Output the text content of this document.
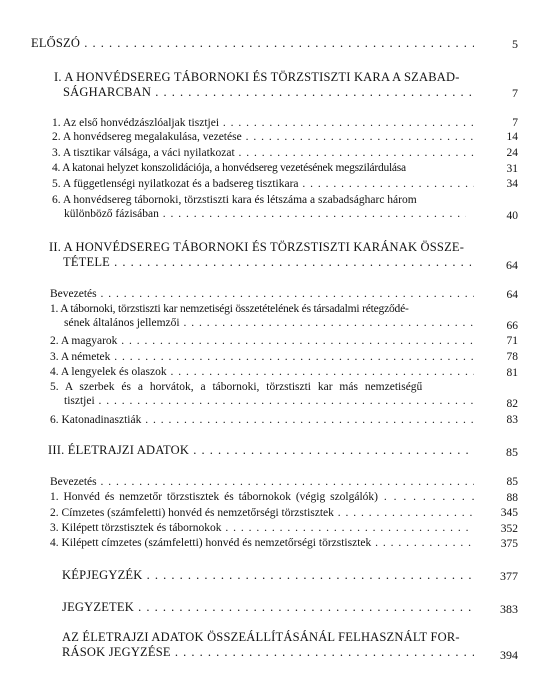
ELŐSZÓ . . .	5
I. A HONVÉDSEREG TÁBORNOKI ÉS TÖRZSTISZTI KARA A SZABAD-
SÁGHARCBAN . . .	7
1. Az első honvédzászlóaljak tisztjei . . .	7
2. A honvédsereg megalakulása, vezetése . . .	14
3. A tisztikar válsága, a váci nyilatkozat . . .	24
4. A katonai helyzet konszolidációja, a honvédsereg vezetésének megszilárdulása	31
5. A függetlenségi nyilatkozat és a badsereg tisztikara . . .	34
6. A honvédsereg tábornoki, törzstiszti kara és létszáma a szabadságharc három
különböző fázisában . . .	40
II. A HONVÉDSEREG TÁBORNOKI ÉS TÖRZSTISZTI KARÁNAK ÖSSZE-
TÉTELE . . .	64
Bevezetés . . .	64
1. A tábornoki, törzstiszti kar nemzetiségi összetételének és társadalmi rétegződé-
sének általános jellemzői . . .	66
2. A magyarok . . .	71
3. A németek . . .	78
4. A lengyelek és olaszok . . .	81
5. A szerbek és a horvátok, a tábornoki, törzstiszti kar más nemzetiségű
tisztjei . . .	82
6. Katonadinasztiák . . .	83
III. ÉLETRAJZI ADATOK . . .	85
Bevezetés . . .	85
1. Honvéd és nemzetőr törzstisztek és tábornokok (végig szolgálók) . . .	88
2. Címzetes (számfeletti) honvéd és nemzetőrségi törzstisztek . . .	345
3. Kilépett törzstisztek és tábornokok . . .	352
4. Kilépett címzetes (számfeletti) honvéd és nemzetőrségi törzstisztek . . .	375
KÉPJEGYZÉK . . .	377
JEGYZETEK . . .	383
AZ ÉLETRAJZI ADATOK ÖSSZEÁLLÍTÁSÁNÁL FELHASZNÁLT FOR-
RÁSOK JEGYZÉSE . . .	394
